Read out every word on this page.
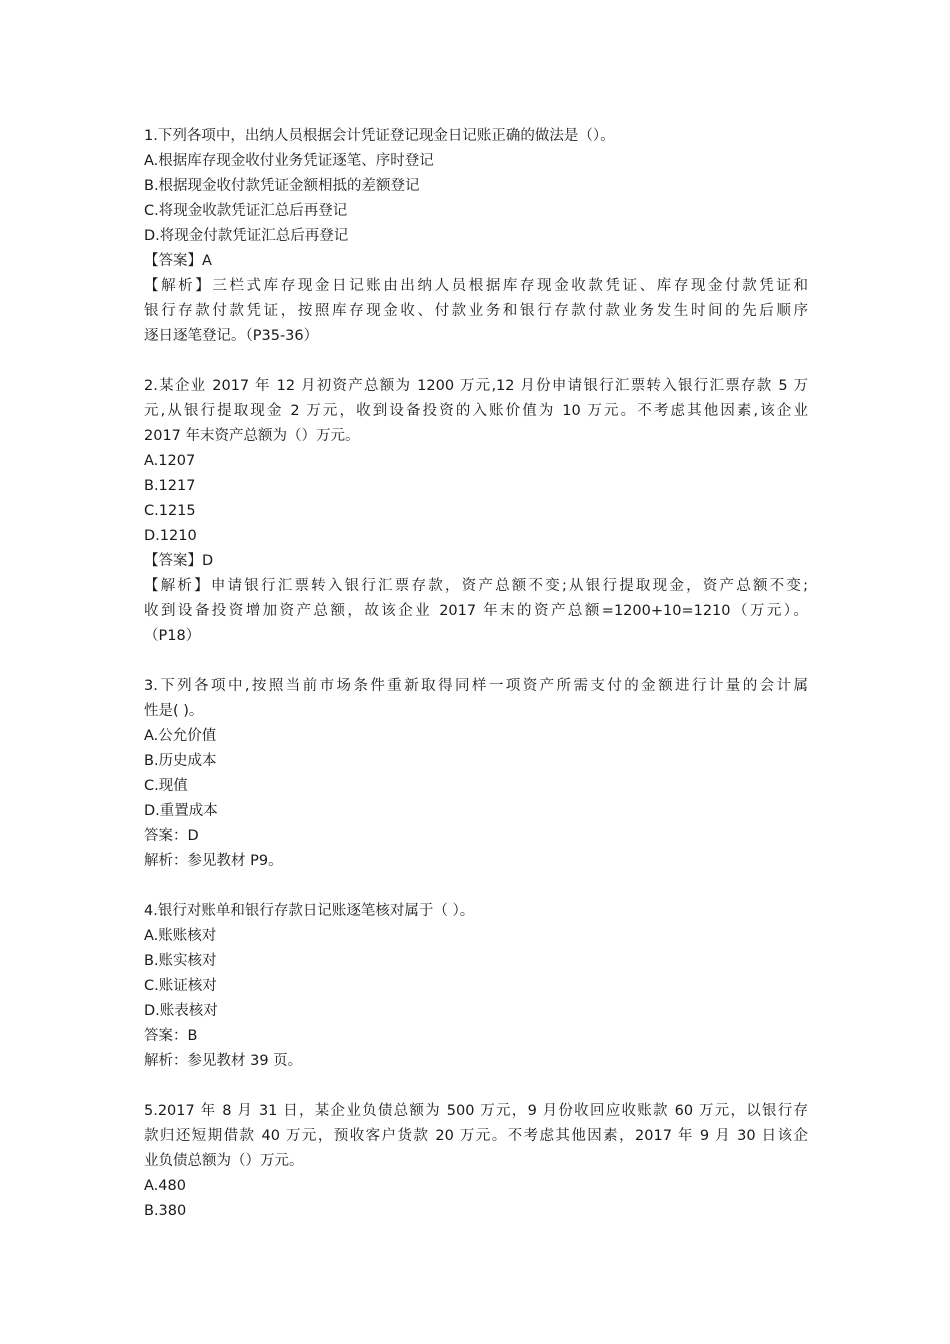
1.下列各项中，出纳人员根据会计凭证登记现金日记账正确的做法是（）。
A.根据库存现金收付业务凭证逐笔、序时登记
B.根据现金收付款凭证金额相抵的差额登记
C.将现金收款凭证汇总后再登记
D.将现金付款凭证汇总后再登记
【答案】A
【解析】三栏式库存现金日记账由出纳人员根据库存现金收款凭证、库存现金付款凭证和
银行存款付款凭证，按照库存现金收、付款业务和银行存款付款业务发生时间的先后顺序
逐日逐笔登记。（P35-36）
2.某企业 2017 年 12 月初资产总额为 1200 万元,12 月份申请银行汇票转入银行汇票存款 5 万
元,从银行提取现金 2 万元，收到设备投资的入账价值为 10 万元。不考虑其他因素,该企业
2017 年末资产总额为（）万元。
A.1207
B.1217
C.1215
D.1210
【答案】D
【解析】申请银行汇票转入银行汇票存款，资产总额不变;从银行提取现金，资产总额不变;
收到设备投资增加资产总额，故该企业 2017 年末的资产总额=1200+10=1210（万元）。
（P18）
3.下列各项中,按照当前市场条件重新取得同样一项资产所需支付的金额进行计量的会计属
性是( )。
A.公允价值
B.历史成本
C.现值
D.重置成本
答案：D
解析：参见教材 P9。
4.银行对账单和银行存款日记账逐笔核对属于（ ）。
A.账账核对
B.账实核对
C.账证核对
D.账表核对
答案：B
解析：参见教材 39 页。
5.2017 年 8 月 31 日，某企业负债总额为 500 万元，9 月份收回应收账款 60 万元，以银行存
款归还短期借款 40 万元，预收客户货款 20 万元。不考虑其他因素，2017 年 9 月 30 日该企
业负债总额为（）万元。
A.480
B.380
